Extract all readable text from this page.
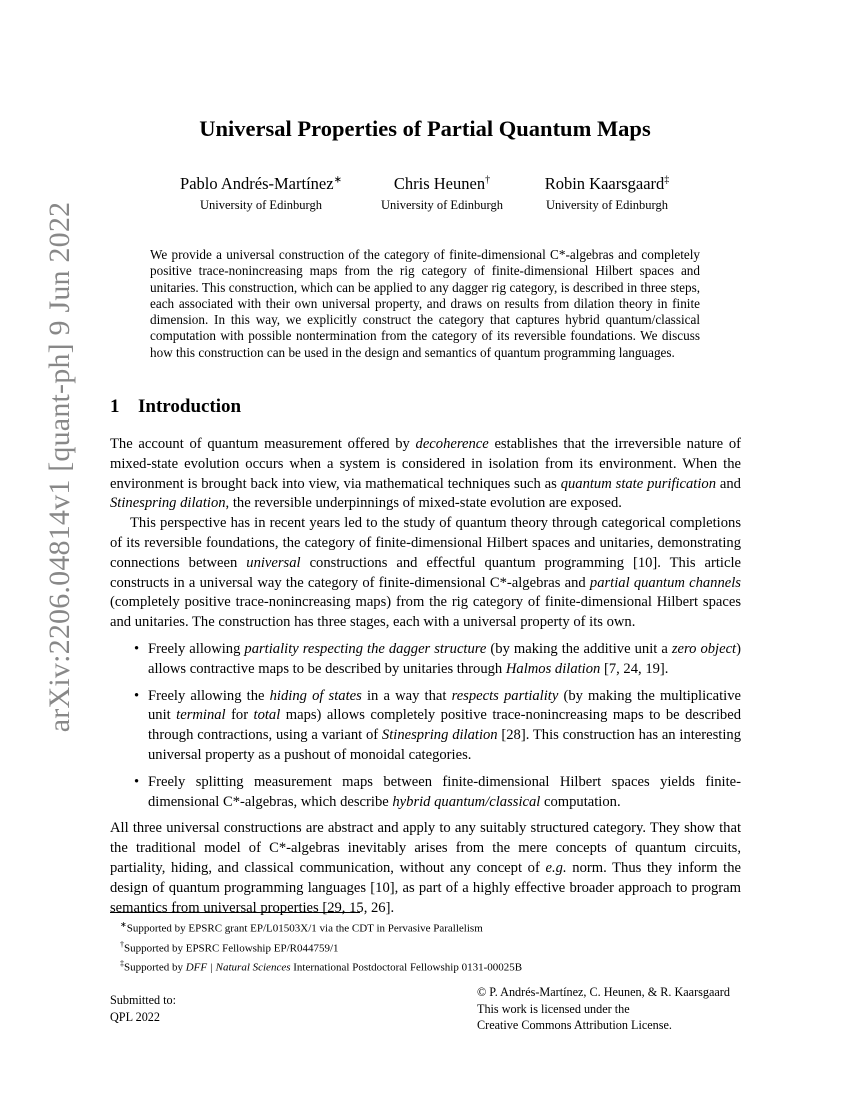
arXiv:2206.04814v1 [quant-ph] 9 Jun 2022
Universal Properties of Partial Quantum Maps
Pablo Andrés-Martínez∗
University of Edinburgh
Chris Heunen†
University of Edinburgh
Robin Kaarsgaard‡
University of Edinburgh
We provide a universal construction of the category of finite-dimensional C*-algebras and completely positive trace-nonincreasing maps from the rig category of finite-dimensional Hilbert spaces and unitaries. This construction, which can be applied to any dagger rig category, is described in three steps, each associated with their own universal property, and draws on results from dilation theory in finite dimension. In this way, we explicitly construct the category that captures hybrid quantum/classical computation with possible nontermination from the category of its reversible foundations. We discuss how this construction can be used in the design and semantics of quantum programming languages.
1 Introduction

The account of quantum measurement offered by decoherence establishes that the irreversible nature of mixed-state evolution occurs when a system is considered in isolation from its environment. When the environment is brought back into view, via mathematical techniques such as quantum state purification and Stinespring dilation, the reversible underpinnings of mixed-state evolution are exposed.

This perspective has in recent years led to the study of quantum theory through categorical completions of its reversible foundations, the category of finite-dimensional Hilbert spaces and unitaries, demonstrating connections between universal constructions and effectful quantum programming [10]. This article constructs in a universal way the category of finite-dimensional C*-algebras and partial quantum channels (completely positive trace-nonincreasing maps) from the rig category of finite-dimensional Hilbert spaces and unitaries. The construction has three stages, each with a universal property of its own.

• Freely allowing partiality respecting the dagger structure (by making the additive unit a zero object) allows contractive maps to be described by unitaries through Halmos dilation [7, 24, 19].
• Freely allowing the hiding of states in a way that respects partiality (by making the multiplicative unit terminal for total maps) allows completely positive trace-nonincreasing maps to be described through contractions, using a variant of Stinespring dilation [28]. This construction has an interesting universal property as a pushout of monoidal categories.
• Freely splitting measurement maps between finite-dimensional Hilbert spaces yields finite-dimensional C*-algebras, which describe hybrid quantum/classical computation.

All three universal constructions are abstract and apply to any suitably structured category. They show that the traditional model of C*-algebras inevitably arises from the mere concepts of quantum circuits, partiality, hiding, and classical communication, without any concept of e.g. norm. Thus they inform the design of quantum programming languages [10], as part of a highly effective broader approach to program semantics from universal properties [29, 15, 26].

∗Supported by EPSRC grant EP/L01503X/1 via the CDT in Pervasive Parallelism
†Supported by EPSRC Fellowship EP/R044759/1
‡Supported by DFF | Natural Sciences International Postdoctoral Fellowship 0131-00025B
Submitted to:
QPL 2022
© P. Andrés-Martínez, C. Heunen, & R. Kaarsgaard
This work is licensed under the
Creative Commons Attribution License.
